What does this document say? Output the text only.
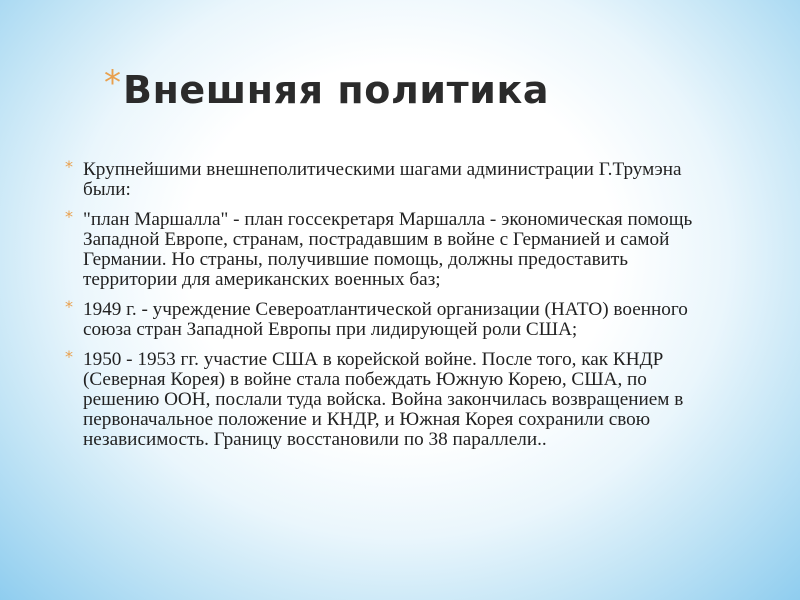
* Внешняя политика
* Крупнейшими внешнеполитическими шагами администрации Г.Трумэна были:
* "план Маршалла" - план госсекретаря Маршалла - экономическая помощь Западной Европе, странам, пострадавшим в войне с Германией и самой Германии. Но страны, получившие помощь, должны предоставить территории для американских военных баз;
* 1949 г. - учреждение Североатлантической организации (НАТО) военного союза стран Западной Европы при лидирующей роли США;
* 1950 - 1953 гг. участие США в корейской войне. После того, как КНДР (Северная Корея) в войне стала побеждать Южную Корею, США, по решению ООН, послали туда войска. Война закончилась возвращением в первоначальное положение и КНДР, и Южная Корея сохранили свою независимость. Границу восстановили по 38 параллели..
